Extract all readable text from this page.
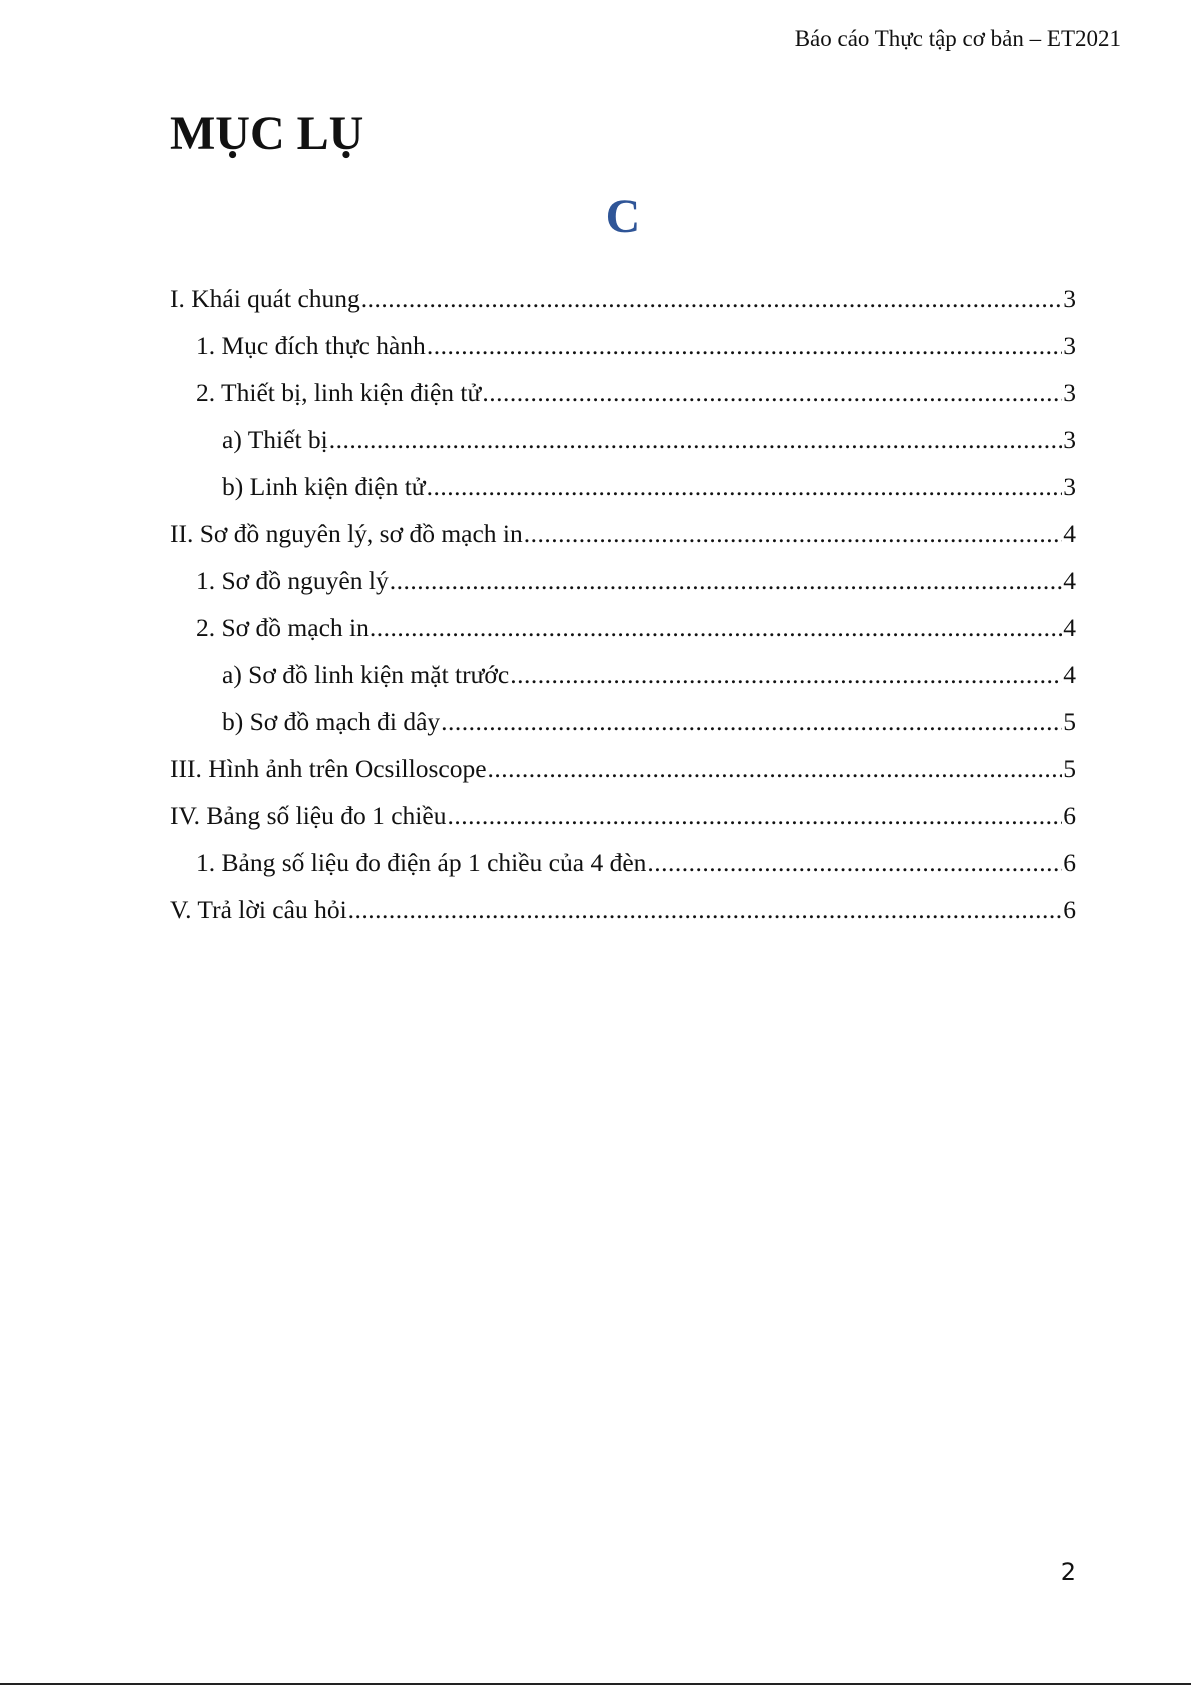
Báo cáo Thực tập cơ bản – ET2021
MỤC LỤ
C
I. Khái quát chung .....	3
1. Mục đích thực hành .....	3
2. Thiết bị, linh kiện điện tử .....	3
a) Thiết bị .....	3
b) Linh kiện điện tử .....	3
II. Sơ đồ nguyên lý, sơ đồ mạch in .....	4
1. Sơ đồ nguyên lý .....	4
2. Sơ đồ mạch in .....	4
a) Sơ đồ linh kiện mặt trước .....	4
b) Sơ đồ mạch đi dây .....	5
III. Hình ảnh trên Ocsilloscope .....	5
IV. Bảng số liệu đo 1 chiều .....	6
1. Bảng số liệu đo điện áp 1 chiều của 4 đèn .....	6
V. Trả lời câu hỏi .....	6
2
